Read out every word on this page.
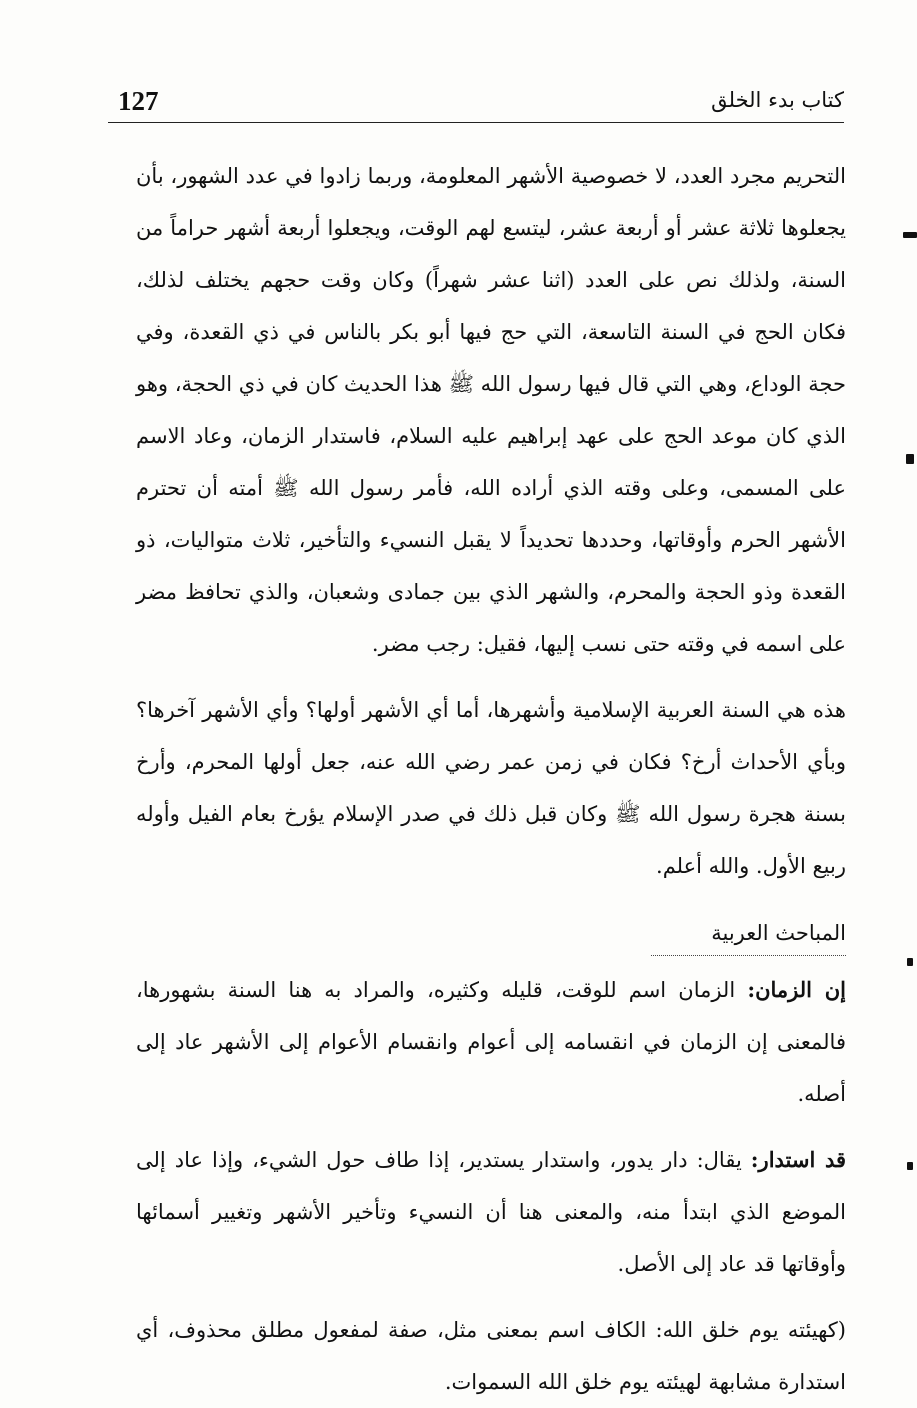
127	كتاب بدء الخلق

التحريم مجرد العدد، لا خصوصية الأشهر المعلومة، وربما زادوا في عدد الشهور، بأن يجعلوها ثلاثة عشر أو أربعة عشر، ليتسع لهم الوقت، ويجعلوا أربعة أشهر حراماً من السنة، ولذلك نص على العدد (اثنا عشر شهراً) وكان وقت حجهم يختلف لذلك، فكان الحج في السنة التاسعة، التي حج فيها أبو بكر بالناس في ذي القعدة، وفي حجة الوداع، وهي التي قال فيها رسول الله ﷺ هذا الحديث كان في ذي الحجة، وهو الذي كان موعد الحج على عهد إبراهيم عليه السلام، فاستدار الزمان، وعاد الاسم على المسمى، وعلى وقته الذي أراده الله، فأمر رسول الله ﷺ أمته أن تحترم الأشهر الحرم وأوقاتها، وحددها تحديداً لا يقبل النسيء والتأخير، ثلاث متواليات، ذو القعدة وذو الحجة والمحرم، والشهر الذي بين جمادى وشعبان، والذي تحافظ مضر على اسمه في وقته حتى نسب إليها، فقيل: رجب مضر.

هذه هي السنة العربية الإسلامية وأشهرها، أما أي الأشهر أولها؟ وأي الأشهر آخرها؟ وبأي الأحداث أرخ؟ فكان في زمن عمر رضي الله عنه، جعل أولها المحرم، وأرخ بسنة هجرة رسول الله ﷺ وكان قبل ذلك في صدر الإسلام يؤرخ بعام الفيل وأوله ربيع الأول. والله أعلم.

المباحث العربية

إن الزمان: الزمان اسم للوقت، قليله وكثيره، والمراد به هنا السنة بشهورها، فالمعنى إن الزمان في انقسامه إلى أعوام وانقسام الأعوام إلى الأشهر عاد إلى أصله.

قد استدار: يقال: دار يدور، واستدار يستدير، إذا طاف حول الشيء، وإذا عاد إلى الموضع الذي ابتدأ منه، والمعنى هنا أن النسيء وتأخير الأشهر وتغيير أسمائها وأوقاتها قد عاد إلى الأصل.

(كهيئته يوم خلق الله: الكاف اسم بمعنى مثل، صفة لمفعول مطلق محذوف، أي استدارة مشابهة لهيئته يوم خلق الله السموات.
